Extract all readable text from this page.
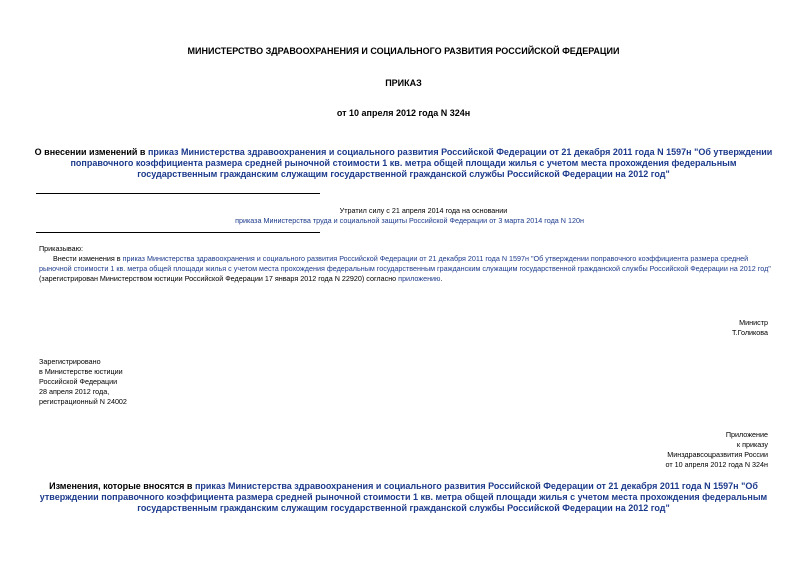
МИНИСТЕРСТВО ЗДРАВООХРАНЕНИЯ И СОЦИАЛЬНОГО РАЗВИТИЯ РОССИЙСКОЙ ФЕДЕРАЦИИ
ПРИКАЗ
от 10 апреля 2012 года N 324н
О внесении изменений в приказ Министерства здравоохранения и социального развития Российской Федерации от 21 декабря 2011 года N 1597н "Об утверждении
поправочного коэффициента размера средней рыночной стоимости 1 кв. метра общей площади жилья с учетом места прохождения федеральным
государственным гражданским служащим государственной гражданской службы Российской Федерации на 2012 год"
Утратил силу с 21 апреля 2014 года на основании
приказа Министерства труда и социальной защиты Российской Федерации от 3 марта 2014 года N 120н
Приказываю:
Внести изменения в приказ Министерства здравоохранения и социального развития Российской Федерации от 21 декабря 2011 года N 1597н "Об утверждении поправочного коэффициента размера средней
рыночной стоимости 1 кв. метра общей площади жилья с учетом места прохождения федеральным государственным гражданским служащим государственной гражданской службы Российской Федерации на 2012 год"
(зарегистрирован Министерством юстиции Российской Федерации 17 января 2012 года N 22920) согласно приложению.
Министр
Т.Голикова
Зарегистрировано
в Министерстве юстиции
Российской Федерации
28 апреля 2012 года,
регистрационный N 24002
Приложение
к приказу
Минздравсоцразвития России
от 10 апреля 2012 года N 324н
Изменения, которые вносятся в приказ Министерства здравоохранения и социального развития Российской Федерации от 21 декабря 2011 года N 1597н "Об
утверждении поправочного коэффициента размера средней рыночной стоимости 1 кв. метра общей площади жилья с учетом места прохождения федеральным
государственным гражданским служащим государственной гражданской службы Российской Федерации на 2012 год"
